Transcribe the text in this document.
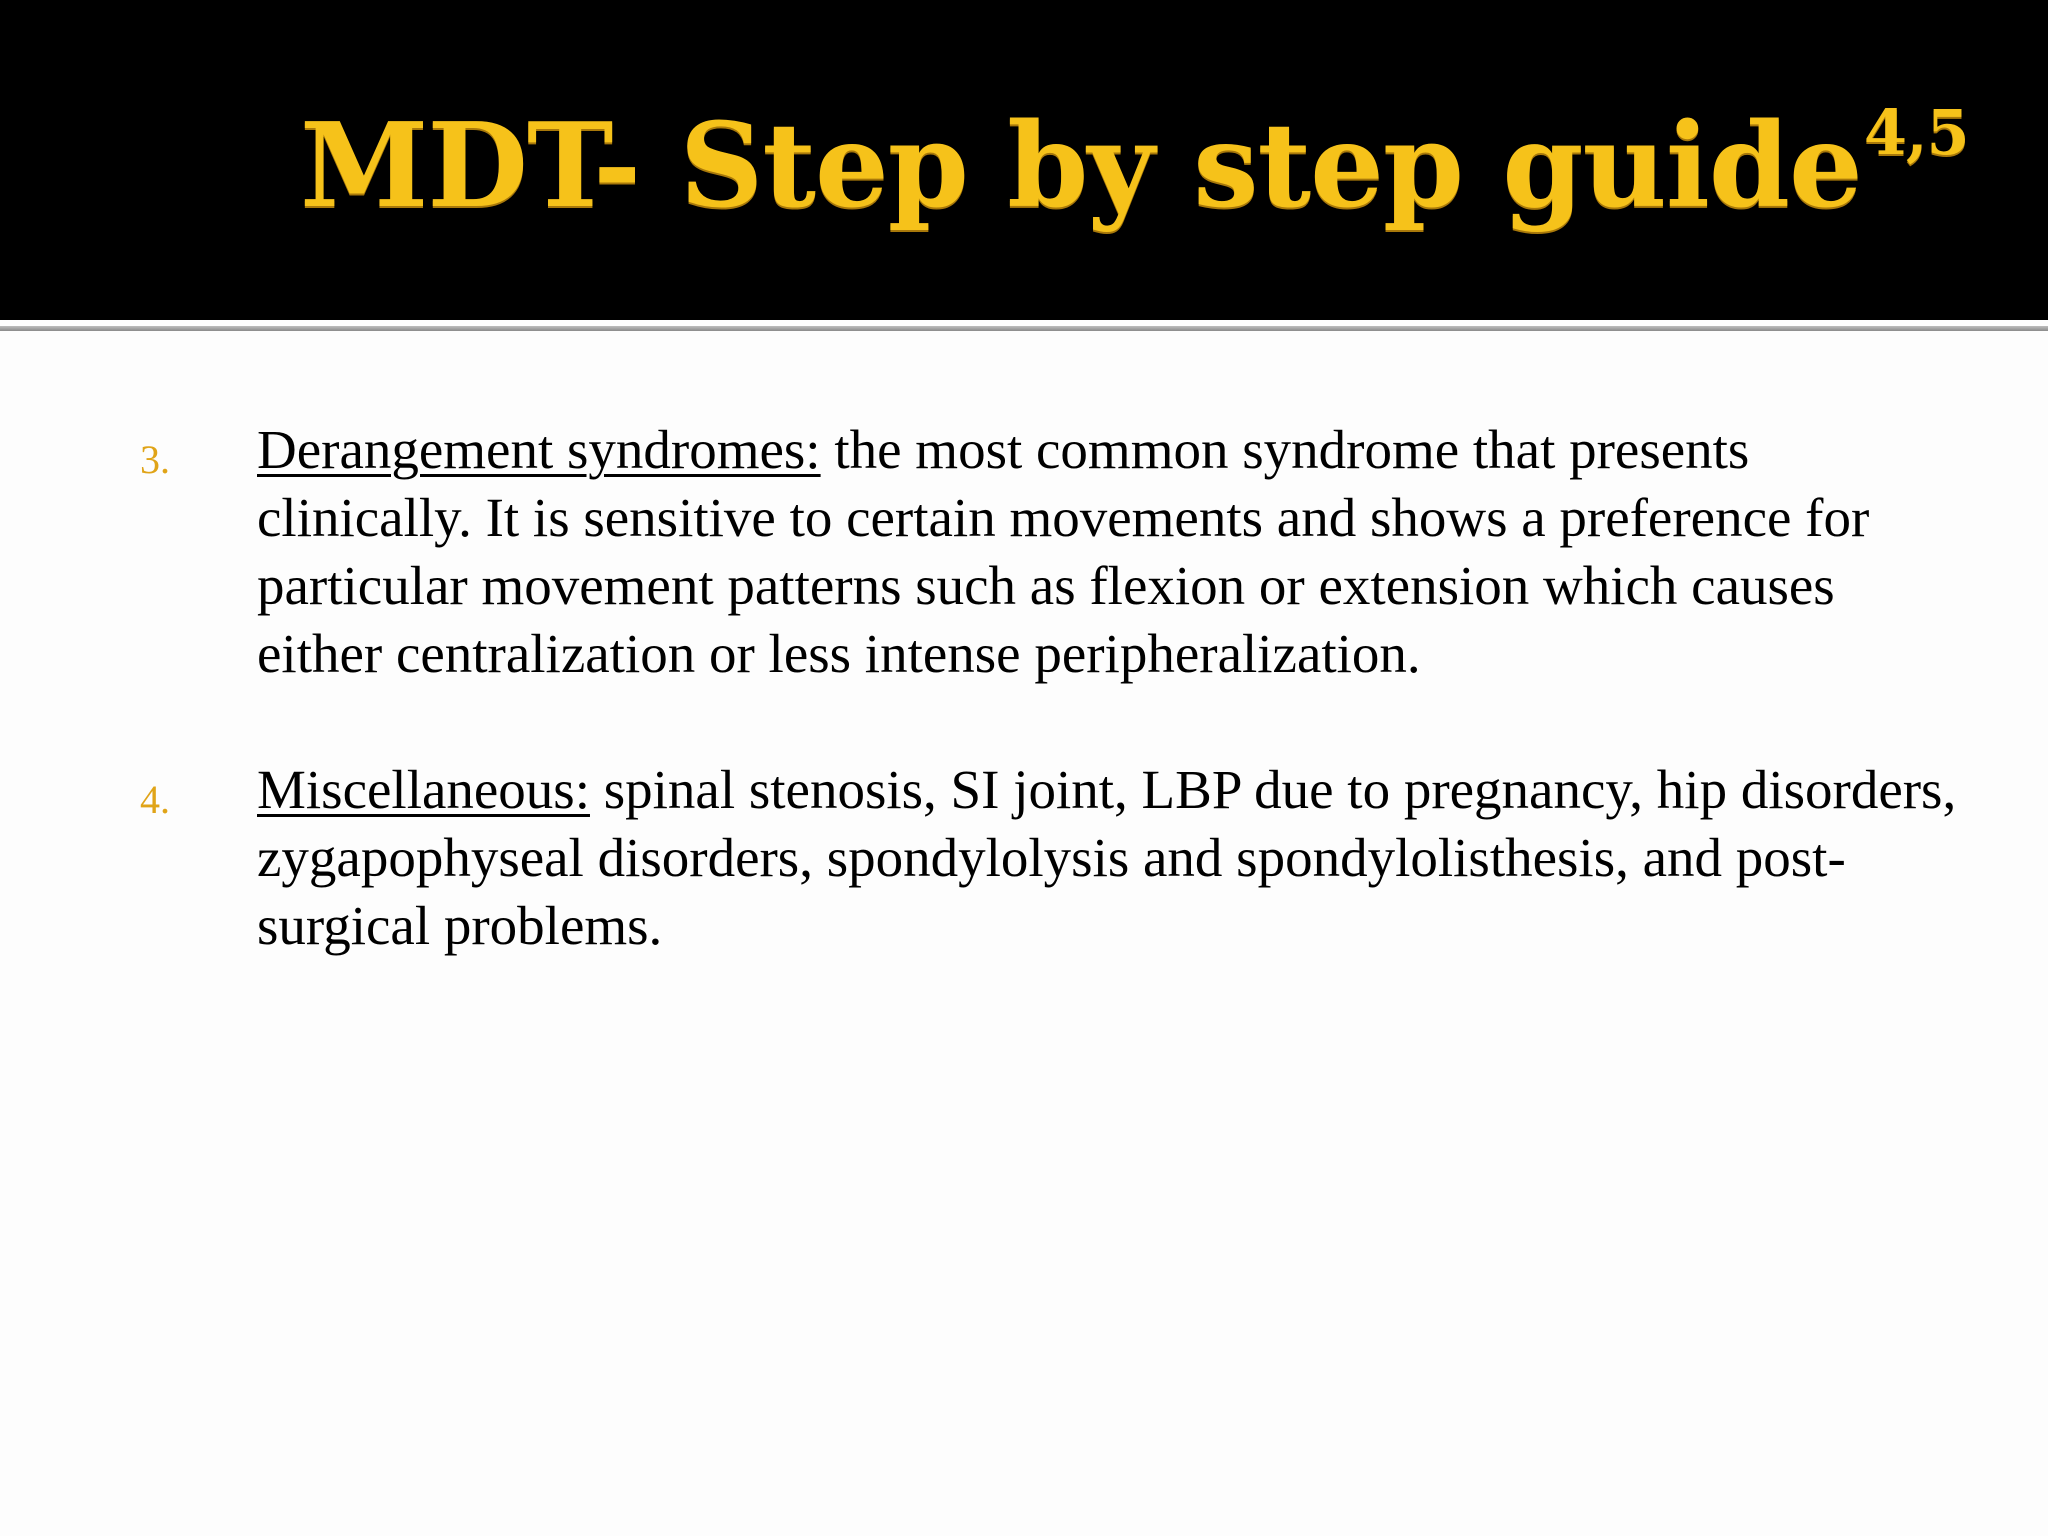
MDT- Step by step guide$^{4,5}$
3. Derangement syndromes: the most common syndrome that presents clinically. It is sensitive to certain movements and shows a preference for particular movement patterns such as flexion or extension which causes either centralization or less intense peripheralization.
4. Miscellaneous: spinal stenosis, SI joint, LBP due to pregnancy, hip disorders, zygapophyseal disorders, spondylolysis and spondylolisthesis, and post-surgical problems.
